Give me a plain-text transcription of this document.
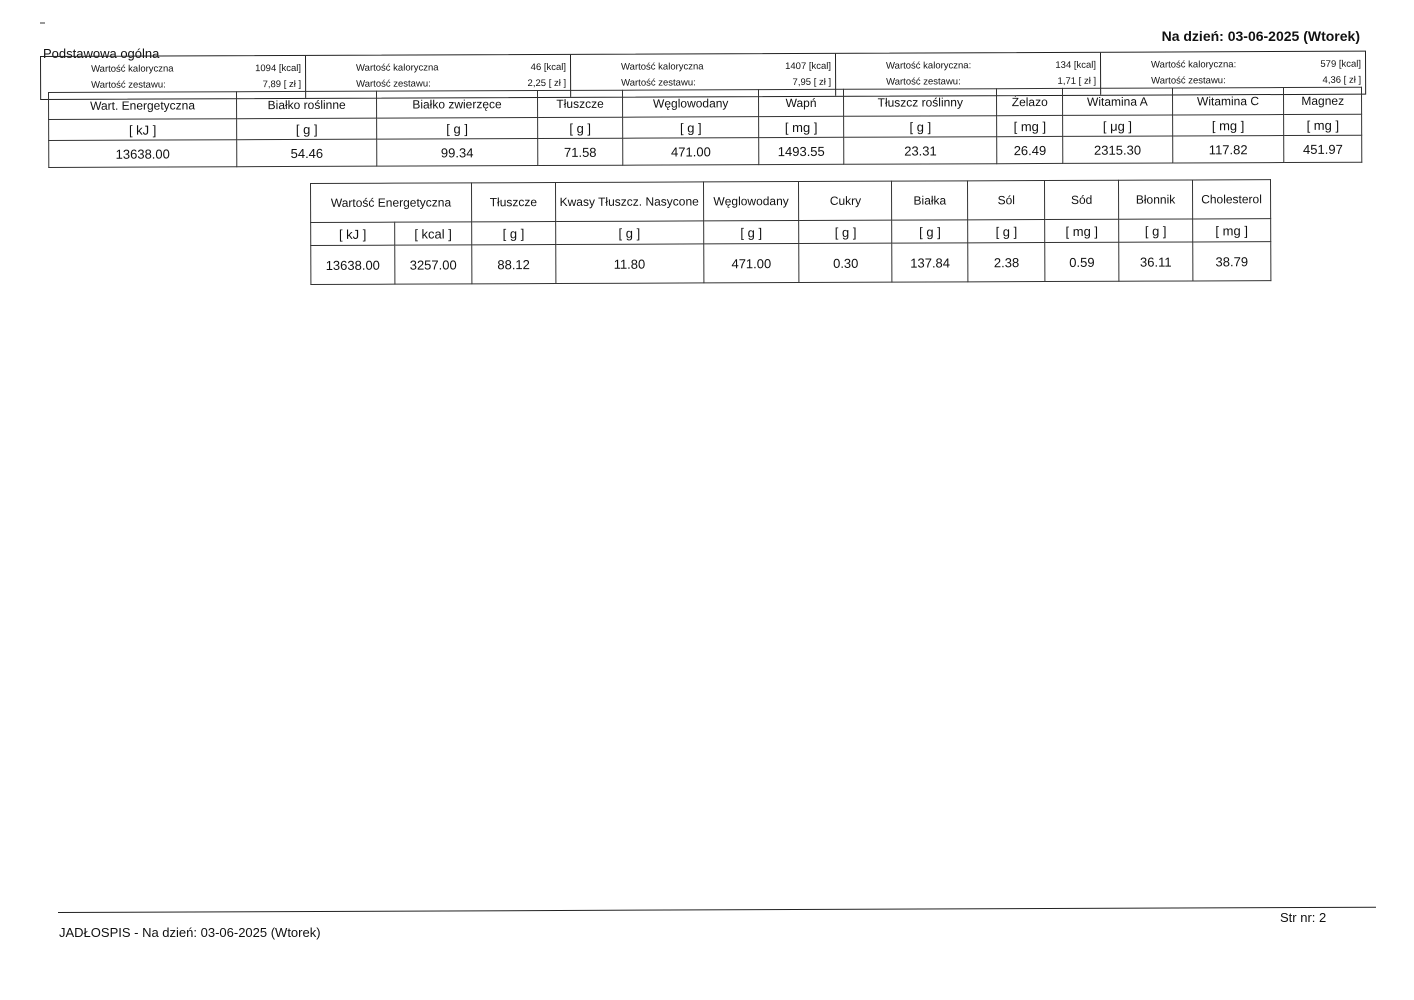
Na dzień: 03-06-2025 (Wtorek)
Podstawowa ogólna
Wartość kaloryczna	1094 [kcal]
Wartość zestawu:	7,89 [ zł ]
Wartość kaloryczna	46 [kcal]
Wartość zestawu:	2,25 [ zł ]
Wartość kaloryczna	1407 [kcal]
Wartość zestawu:	7,95 [ zł ]
Wartość kaloryczna:	134 [kcal]
Wartość zestawu:	1,71 [ zł ]
Wartość kaloryczna:	579 [kcal]
Wartość zestawu:	4,36 [ zł ]
Wart. Energetyczna	Białko roślinne	Białko zwierzęce	Tłuszcze	Węglowodany	Wapń	Tłuszcz roślinny	Żelazo	Witamina A	Witamina C	Magnez
[ kJ ]	[ g ]	[ g ]	[ g ]	[ g ]	[ mg ]	[ g ]	[ mg ]	[ μg ]	[ mg ]	[ mg ]
13638.00	54.46	99.34	71.58	471.00	1493.55	23.31	26.49	2315.30	117.82	451.97
Wartość Energetyczna		Tłuszcze	Kwasy Tłuszcz. Nasycone	Węglowodany	Cukry	Białka	Sól	Sód	Błonnik	Cholesterol
[ kJ ]	[ kcal ]	[ g ]	[ g ]	[ g ]	[ g ]	[ g ]	[ g ]	[ mg ]	[ g ]	[ mg ]
13638.00	3257.00	88.12	11.80	471.00	0.30	137.84	2.38	0.59	36.11	38.79
JADŁOSPIS - Na dzień: 03-06-2025 (Wtorek)
Str nr: 2
